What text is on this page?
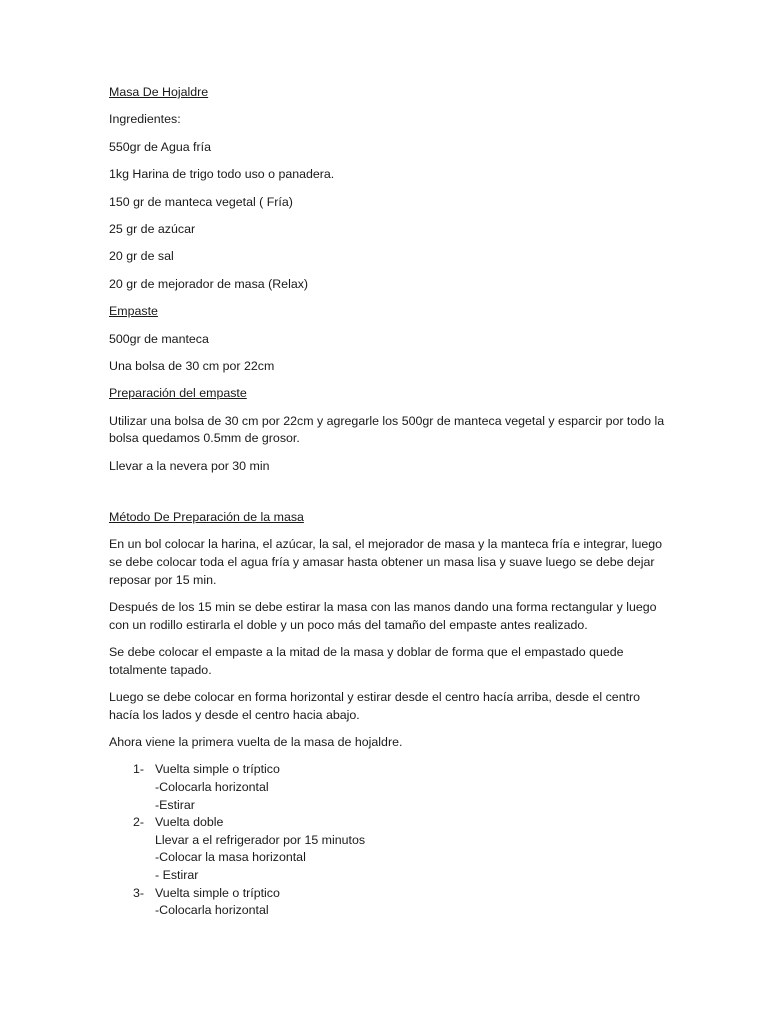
Masa De Hojaldre
Ingredientes:
550gr de Agua fría
1kg Harina de trigo todo uso o panadera.
150 gr de manteca vegetal ( Fría)
25 gr de azúcar
20 gr de sal
20 gr de mejorador de masa (Relax)
Empaste
500gr de manteca
Una bolsa de 30 cm por 22cm
Preparación del empaste
Utilizar una bolsa de 30 cm por 22cm y agregarle los 500gr de manteca vegetal y esparcir por todo la bolsa quedamos 0.5mm de grosor.
Llevar a la nevera por 30 min
Método De Preparación de la masa
En un bol colocar la harina, el azúcar, la sal, el mejorador de masa y la manteca fría e integrar, luego se debe colocar toda el agua fría y amasar hasta obtener un masa lisa y suave luego se debe dejar reposar por 15 min.
Después de los 15 min se debe estirar la masa con las manos dando una forma rectangular y luego con un rodillo estirarla el doble y un poco más del tamaño del empaste antes realizado.
Se debe colocar el empaste a la mitad de la masa y doblar de forma que el empastado quede totalmente tapado.
Luego se debe colocar en forma horizontal y estirar desde el centro hacía arriba, desde el centro hacía los lados y desde el centro hacia abajo.
Ahora viene la primera vuelta de la masa de hojaldre.
1- Vuelta simple o tríptico
-Colocarla horizontal
-Estirar
2- Vuelta doble
Llevar a el refrigerador por 15 minutos
-Colocar la masa horizontal
- Estirar
3- Vuelta simple o tríptico
-Colocarla horizontal
